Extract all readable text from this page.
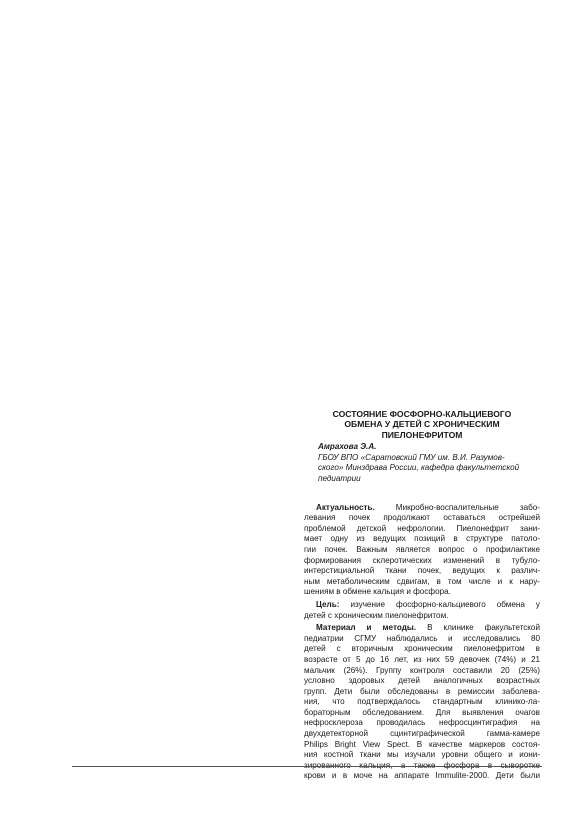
СОСТОЯНИЕ ФОСФОРНО-КАЛЬЦИЕВОГО
ОБМЕНА У ДЕТЕЙ С ХРОНИЧЕСКИМ
ПИЕЛОНЕФРИТОМ

Амрахова Э.А.

ГБОУ ВПО «Саратовский ГМУ им. В.И. Разумов-
ского» Минздрава России, кафедра факультетской
педиатрии

Актуальность. Микробно-воспалительные забо-
левания почек продолжают оставаться острейшей
проблемой детской нефрологии. Пиелонефрит зани-
мает одну из ведущих позиций в структуре патоло-
гии почек. Важным является вопрос о профилактике
формирования склеротических изменений в тубуло-
интерстициальной ткани почек, ведущих к различ-
ным метаболическим сдвигам, в том числе и к нару-
шениям в обмене кальция и фосфора.
Цель: изучение фосфорно-кальциевого обмена у
детей с хроническим пиелонефритом.
Материал и методы. В клинике факультетской
педиатрии СГМУ наблюдались и исследовались 80
детей с вторичным хроническим пиелонефритом в
возрасте от 5 до 16 лет, из них 59 девочек (74%) и 21
мальчик (26%). Группу контроля составили 20 (25%)
условно здоровых детей аналогичных возрастных
групп. Дети были обследованы в ремиссии заболева-
ния, что подтверждалось стандартным клинико-ла-
бораторным обследованием. Для выявления очагов
нефросклероза проводилась нефросцинтиграфия на
двухдетекторной сцинтиграфической гамма-камере
Philips Bright View Spect. В качестве маркеров состоя-
ния костной ткани мы изучали уровни общего и иони-
зированного кальция, а также фосфора в сыворотке
крови и в моче на аппарате Immulite-2000. Дети были
